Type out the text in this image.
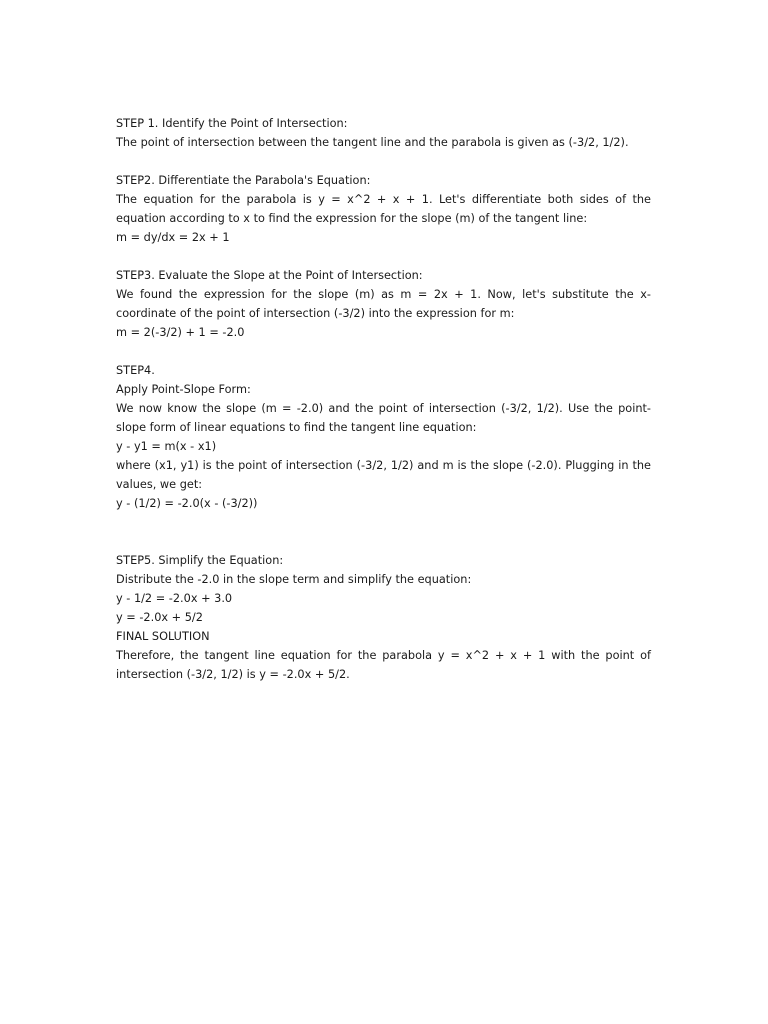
STEP 1. Identify the Point of Intersection:

The point of intersection between the tangent line and the parabola is given as (-3/2, 1/2).

STEP2. Differentiate the Parabola's Equation:

The equation for the parabola is y = x^2 + x + 1. Let's differentiate both sides of the equation according to x to find the expression for the slope (m) of the tangent line:

m = dy/dx = 2x + 1

STEP3. Evaluate the Slope at the Point of Intersection:

We found the expression for the slope (m) as m = 2x + 1. Now, let's substitute the x-coordinate of the point of intersection (-3/2) into the expression for m:

m = 2(-3/2) + 1 = -2.0

STEP4.

Apply Point-Slope Form:

We now know the slope (m = -2.0) and the point of intersection (-3/2, 1/2). Use the point-slope form of linear equations to find the tangent line equation:

y - y1 = m(x - x1)

where (x1, y1) is the point of intersection (-3/2, 1/2) and m is the slope (-2.0). Plugging in the values, we get:

y - (1/2) = -2.0(x - (-3/2))

STEP5. Simplify the Equation:

Distribute the -2.0 in the slope term and simplify the equation:

y - 1/2 = -2.0x + 3.0

y = -2.0x + 5/2

FINAL SOLUTION

Therefore, the tangent line equation for the parabola y = x^2 + x + 1 with the point of intersection (-3/2, 1/2) is y = -2.0x + 5/2.
